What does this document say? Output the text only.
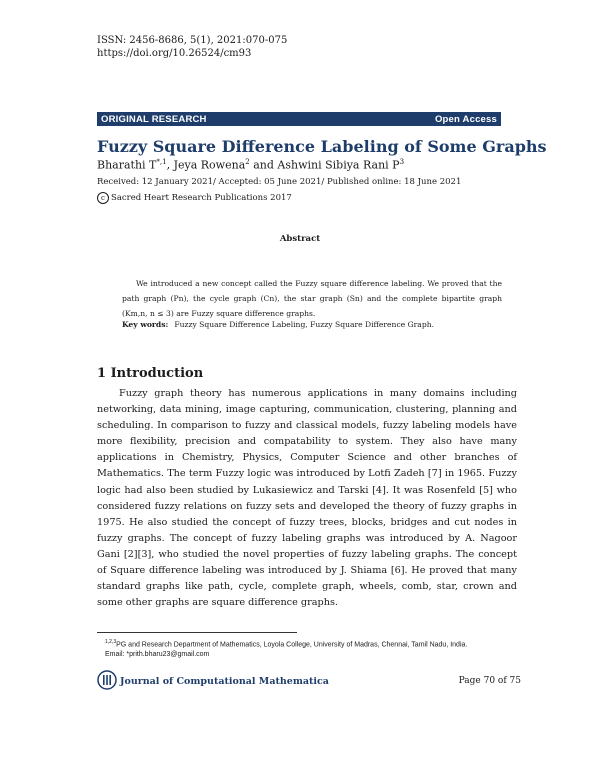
ISSN: 2456-8686, 5(1), 2021:070-075
https://doi.org/10.26524/cm93
ORIGINAL RESEARCH	Open Access
Fuzzy Square Difference Labeling of Some Graphs
Bharathi $T^{*,1}$, Jeya Rowena$^2$ and Ashwini Sibiya Rani $P^3$
Received: 12 January 2021/ Accepted: 05 June 2021/ Published online: 18 June 2021
c Sacred Heart Research Publications 2017
Abstract
We introduced a new concept called the Fuzzy square difference labeling. We proved that the path graph (Pn), the cycle graph (Cn), the star graph (Sn) and the complete bipartite graph (Km,n, n ≤ 3) are Fuzzy square difference graphs.
Key words: Fuzzy Square Difference Labeling, Fuzzy Square Difference Graph.
1 Introduction

Fuzzy graph theory has numerous applications in many domains including networking, data mining, image capturing, communication, clustering, planning and scheduling. In comparison to fuzzy and classical models, fuzzy labeling models have more flexibility, precision and compatability to system. They also have many applications in Chemistry, Physics, Computer Science and other branches of Mathematics. The term Fuzzy logic was introduced by Lotfi Zadeh [7] in 1965. Fuzzy logic had also been studied by Lukasiewicz and Tarski [4]. It was Rosenfeld [5] who considered fuzzy relations on fuzzy sets and developed the theory of fuzzy graphs in 1975. He also studied the concept of fuzzy trees, blocks, bridges and cut nodes in fuzzy graphs. The concept of fuzzy labeling graphs was introduced by A. Nagoor Gani [2][3], who studied the novel properties of fuzzy labeling graphs. The concept of Square difference labeling was introduced by J. Shiama [6]. He proved that many standard graphs like path, cycle, complete graph, wheels, comb, star, crown and some other graphs are square difference graphs.

$^{1,2,3}$PG and Research Department of Mathematics, Loyola College, University of Madras, Chennai, Tamil Nadu, India.
Email: *prith.bharu23@gmail.com
Journal of Computational Mathematica	Page 70 of 75
